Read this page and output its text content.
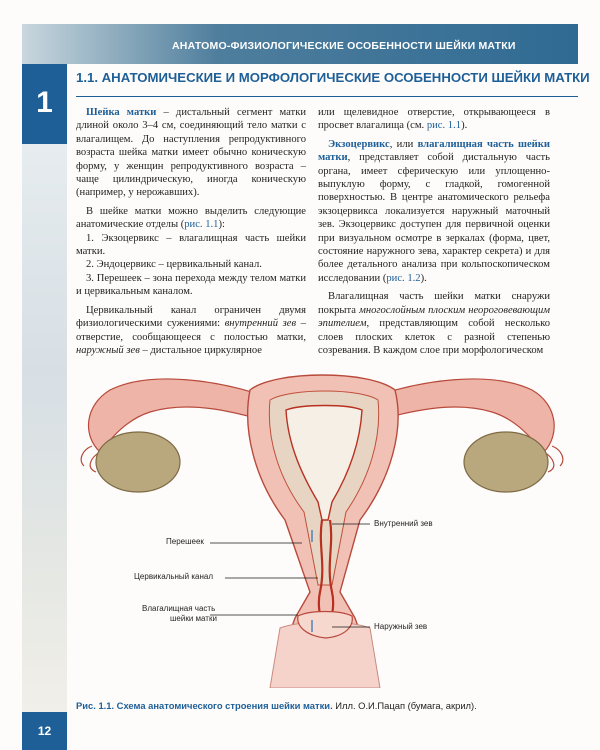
АНАТОМО-ФИЗИОЛОГИЧЕСКИЕ ОСОБЕННОСТИ ШЕЙКИ МАТКИ
1
12
1.1. АНАТОМИЧЕСКИЕ И МОРФОЛОГИЧЕСКИЕ ОСОБЕННОСТИ ШЕЙКИ МАТКИ

Шейка матки – дистальный сегмент матки длиной около 3–4 см, соединяющий тело матки с влагалищем. До наступления репродуктивного возраста шейка матки имеет обычно коническую форму, у женщин репродуктивного возраста – чаще цилиндрическую, иногда коническую (например, у нерожавших).

В шейке матки можно выделить следующие анатомические отделы (рис. 1.1):

1. Экзоцервикс – влагалищная часть шейки матки.

2. Эндоцервикс – цервикальный канал.

3. Перешеек – зона перехода между телом матки и цервикальным каналом.

Цервикальный канал ограничен двумя физиологическими сужениями: внутренний зев – отверстие, сообщающееся с полостью матки, наружный зев – дистальное циркулярное

или щелевидное отверстие, открывающееся в просвет влагалища (см. рис. 1.1).

Экзоцервикс, или влагалищная часть шейки матки, представляет собой дистальную часть органа, имеет сферическую или уплощенно-выпуклую форму, с гладкой, гомогенной поверхностью. В центре анатомического рельефа экзоцервикса локализуется наружный маточный зев. Экзоцервикс доступен для первичной оценки при визуальном осмотре в зеркалах (форма, цвет, состояние наружного зева, характер секрета) и для более детального анализа при кольпоскопическом исследовании (рис. 1.2).

Влагалищная часть шейки матки снаружи покрыта многослойным плоским неороговевающим эпителием, представляющим собой несколько слоев плоских клеток с разной степенью созревания. В каждом слое при морфологическом

Перешеек
Цервикальный канал
Влагалищная часть
шейки матки
Внутренний зев
Наружный зев
Рис. 1.1. Схема анатомического строения шейки матки. Илл. О.И.Пацап (бумага, акрил).
